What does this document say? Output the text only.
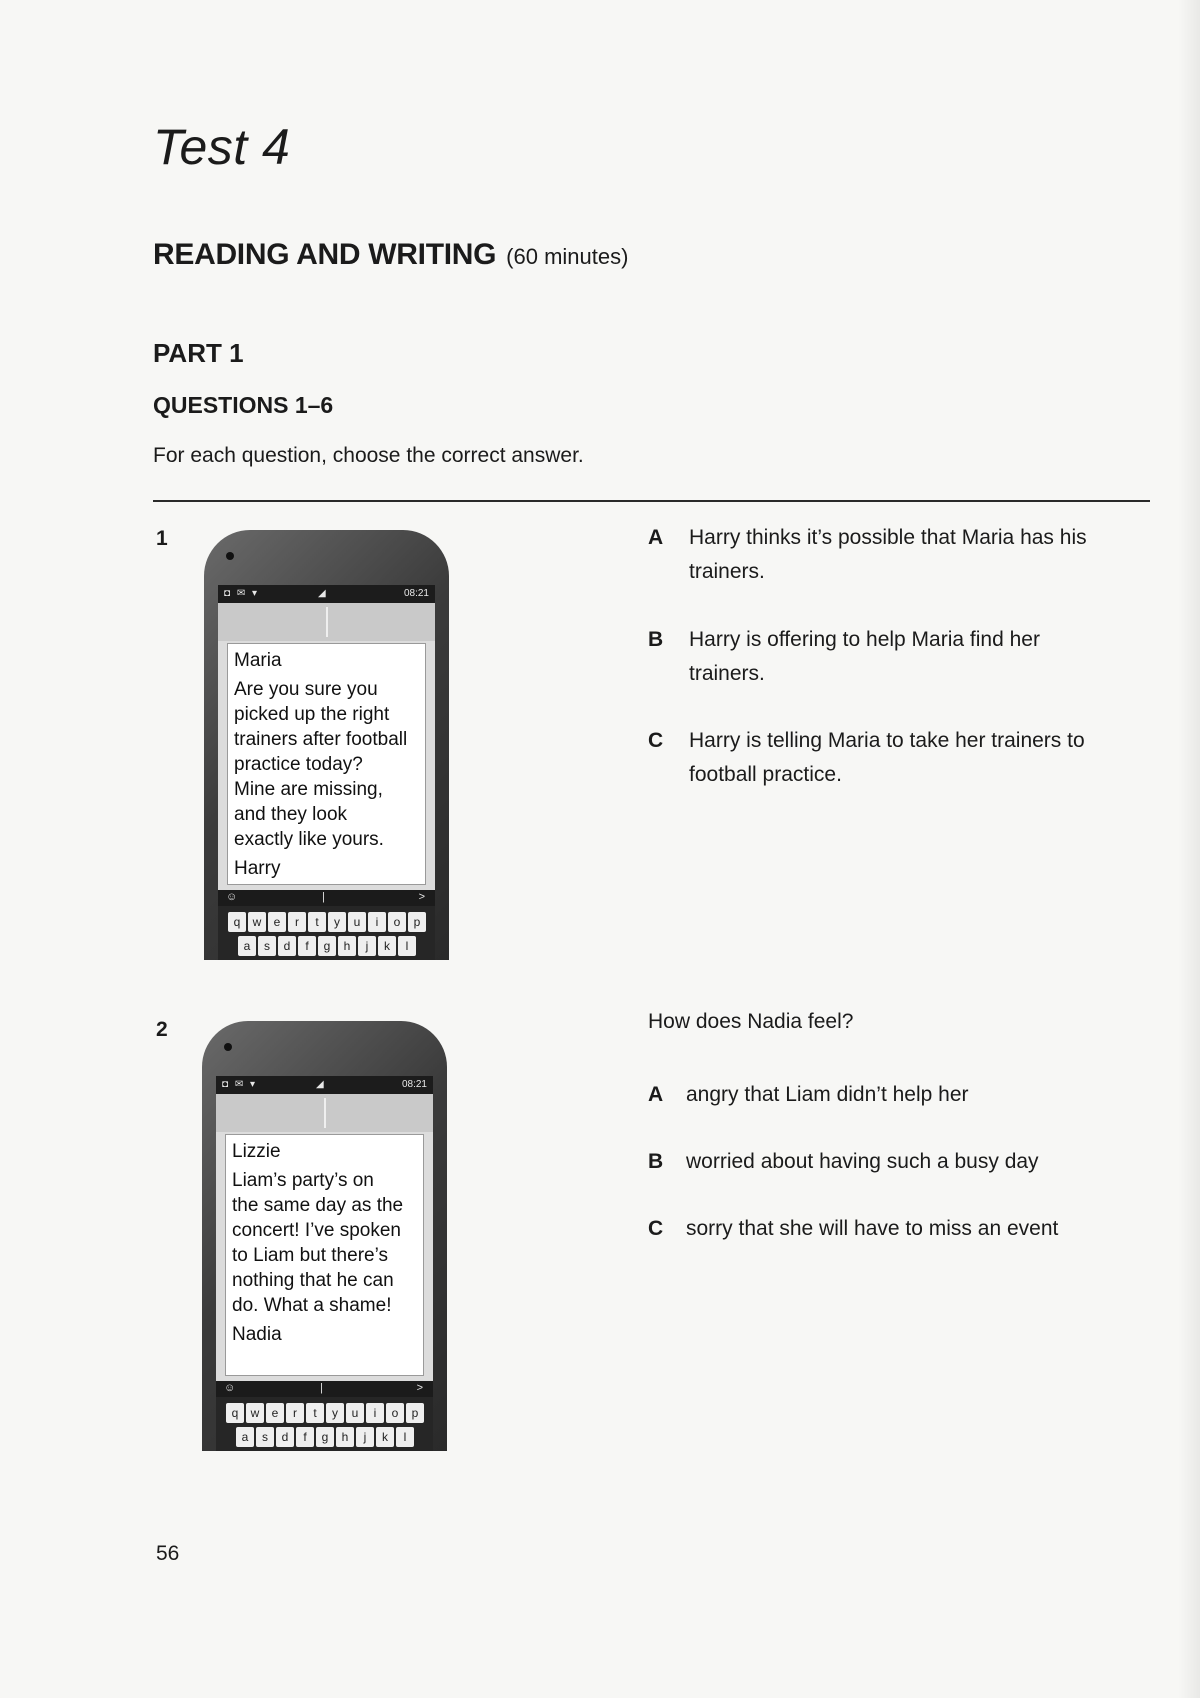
Test 4
READING AND WRITING (60 minutes)
PART 1
QUESTIONS 1–6
For each question, choose the correct answer.
1
◘ ✉ ▾	◢	08:21
Maria
Are you sure you
picked up the right
trainers after football
practice today?
Mine are missing,
and they look
exactly like yours.
Harry
☺	|	>
q	w	e	r	t	y	u	i	o	p
a	s	d	f	g	h	j	k	l
A	Harry thinks it’s possible that Maria has his
trainers.
B	Harry is offering to help Maria find her
trainers.
C	Harry is telling Maria to take her trainers to
football practice.
2
◘ ✉ ▾	◢	08:21
Lizzie
Liam’s party’s on
the same day as the
concert! I’ve spoken
to Liam but there’s
nothing that he can
do. What a shame!
Nadia
☺	|	>
q	w	e	r	t	y	u	i	o	p
a	s	d	f	g	h	j	k	l
How does Nadia feel?
A	angry that Liam didn’t help her
B	worried about having such a busy day
C	sorry that she will have to miss an event
56
